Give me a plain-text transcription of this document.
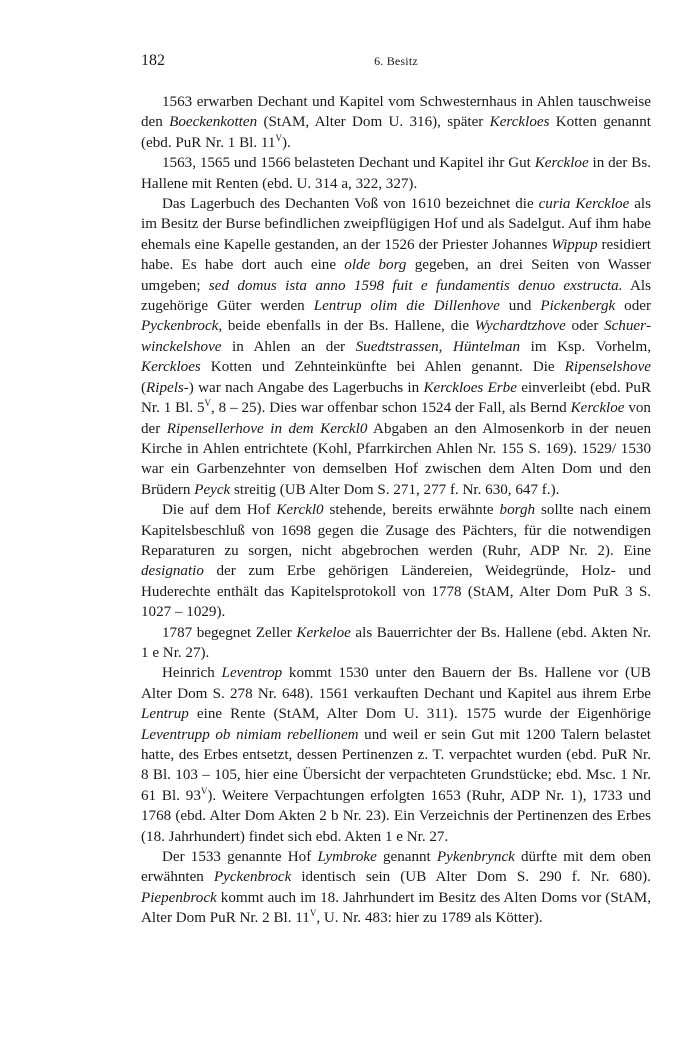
182	6. Besitz

1563 erwarben Dechant und Kapitel vom Schwesternhaus in Ahlen tauschweise den Boeckenkotten (StAM, Alter Dom U. 316), später Kerckloes Kotten genannt (ebd. PuR Nr. 1 Bl. $11^V$).

1563, 1565 und 1566 belasteten Dechant und Kapitel ihr Gut Kerckloe in der Bs. Hallene mit Renten (ebd. U. 314 a, 322, 327).

Das Lagerbuch des Dechanten Voß von 1610 bezeichnet die curia Kerckloe als im Besitz der Burse befindlichen zweipflügigen Hof und als Sadelgut. Auf ihm habe ehemals eine Kapelle gestanden, an der 1526 der Priester Johannes Wippup residiert habe. Es habe dort auch eine olde borg gegeben, an drei Seiten von Wasser umgeben; sed domus ista anno 1598 fuit e fundamentis denuo exstructa. Als zugehörige Güter werden Lentrup olim die Dillenhove und Pickenbergk oder Pyckenbrock, beide ebenfalls in der Bs. Hallene, die Wychardtzhove oder Schuerwinckelshove in Ahlen an der Suedtstrassen, Hüntelman im Ksp. Vorhelm, Kerckloes Kotten und Zehnteinkünfte bei Ahlen genannt. Die Ripenselshove (Ripels-) war nach Angabe des Lagerbuchs in Kerckloes Erbe einverleibt (ebd. PuR Nr. 1 Bl. $5^V$, 8 – 25). Dies war offenbar schon 1524 der Fall, als Bernd Kerckloe von der Ripensellerhove in dem Kerckl0 Abgaben an den Almosenkorb in der neuen Kirche in Ahlen entrichtete (Kohl, Pfarrkirchen Ahlen Nr. 155 S. 169). 1529/ 1530 war ein Garbenzehnter von demselben Hof zwischen dem Alten Dom und den Brüdern Peyck streitig (UB Alter Dom S. 271, 277 f. Nr. 630, 647 f.).

Die auf dem Hof Kerckl0 stehende, bereits erwähnte borgh sollte nach einem Kapitelsbeschluß von 1698 gegen die Zusage des Pächters, für die notwendigen Reparaturen zu sorgen, nicht abgebrochen werden (Ruhr, ADP Nr. 2). Eine designatio der zum Erbe gehörigen Ländereien, Weidegründe, Holz- und Huderechte enthält das Kapitelsprotokoll von 1778 (StAM, Alter Dom PuR 3 S. 1027 – 1029).

1787 begegnet Zeller Kerkeloe als Bauerrichter der Bs. Hallene (ebd. Akten Nr. 1 e Nr. 27).

Heinrich Leventrop kommt 1530 unter den Bauern der Bs. Hallene vor (UB Alter Dom S. 278 Nr. 648). 1561 verkauften Dechant und Kapitel aus ihrem Erbe Lentrup eine Rente (StAM, Alter Dom U. 311). 1575 wurde der Eigenhörige Leventrupp ob nimiam rebellionem und weil er sein Gut mit 1200 Talern belastet hatte, des Erbes entsetzt, dessen Pertinenzen z. T. verpachtet wurden (ebd. PuR Nr. 8 Bl. 103 – 105, hier eine Übersicht der verpachteten Grundstücke; ebd. Msc. 1 Nr. 61 Bl. $93^V$). Weitere Verpachtungen erfolgten 1653 (Ruhr, ADP Nr. 1), 1733 und 1768 (ebd. Alter Dom Akten 2 b Nr. 23). Ein Verzeichnis der Pertinenzen des Erbes (18. Jahrhundert) findet sich ebd. Akten 1 e Nr. 27.

Der 1533 genannte Hof Lymbroke genannt Pykenbrynck dürfte mit dem oben erwähnten Pyckenbrock identisch sein (UB Alter Dom S. 290 f. Nr. 680). Piepenbrock kommt auch im 18. Jahrhundert im Besitz des Alten Doms vor (StAM, Alter Dom PuR Nr. 2 Bl. $11^V$, U. Nr. 483: hier zu 1789 als Kötter).
